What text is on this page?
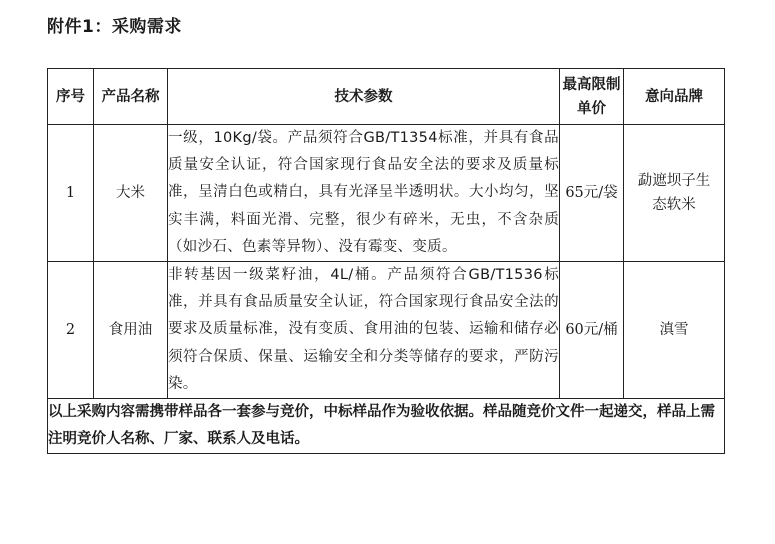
附件1：采购需求
序号	产品名称	技术参数	最高限制单价	意向品牌
1	大米	一级，10Kg/袋。产品须符合GB/T1354标准，并具有食品质量安全认证，符合国家现行食品安全法的要求及质量标准，呈清白色或精白，具有光泽呈半透明状。大小均匀，坚实丰满，料面光滑、完整，很少有碎米，无虫，不含杂质（如沙石、色素等异物）、没有霉变、变质。	65元/袋	勐遮坝子生态软米
2	食用油	非转基因一级菜籽油，4L/桶。产品须符合GB/T1536标准，并具有食品质量安全认证，符合国家现行食品安全法的要求及质量标准，没有变质、食用油的包装、运输和储存必须符合保质、保量、运输安全和分类等储存的要求，严防污染。	60元/桶	滇雪
以上采购内容需携带样品各一套参与竞价，中标样品作为验收依据。样品随竞价文件一起递交，样品上需注明竞价人名称、厂家、联系人及电话。				
